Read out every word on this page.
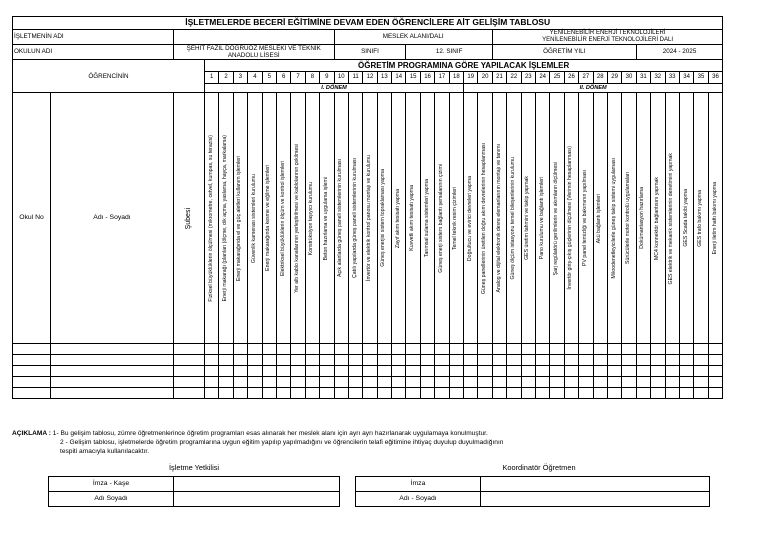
İŞLETMELERDE BECERİ EĞİTİMİNE DEVAM EDEN ÖĞRENCİLERE AİT GELİŞİM TABLOSU																																						
İŞLETMENİN ADI												MESLEK ALANI/DALI											YENİLENEBİLİR ENERJİ TEKNOLOJİLERİ
YENİLENEBİLİR ENERJİ TEKNOLOJİLERİ DALI															

OKULUN ADI		ŞEHİT FAZIL DOĞRUÖZ MESLEKİ VE TEKNİK ANADOLU LİSESİ										SINIFI					12. SINIF						ÖĞRETİM YILI										2024 - 2025					
ÖĞRENCİNİN			ÖĞRETİM PROGRAMINA GÖRE YAPILACAK İŞLEMLER																																			
			1	2	3	4	5	6	7	8	9	10	11	12	13	14	15	16	17	18	19	20	21	22	23	24	25	26	27	28	29	30	31	32	33	34	35	36
			I. DÖNEM																		II. DÖNEM																	
Okul No	Adı - Soyadı	Şubesi	Fiziksel büyüklüklerin ölçülmesi (mikrometre, cetvel, kumpas, su terazisi)	Enerji makarağı (planları (ölçme, dik açma, yaslama, hayça, markalama)	Enerji makarağında el ve güç aletleri kullanım işlemleri	Güvenlik kamerası sistemleri kurulumu	Enerji makarağında kesme ve eğilme işlemleri	Elektriksel büyüklüklerin ölçüm ve kontrol işlemleri	Yer altı kablo kanallarının yerleştirilmesi ve kablolarının çekilmesi	Konstrüksiyon taşıyıcı kurulumu	Beton hazırlama ve uygulama işlemi	Açık alanlarda güneş paneli sistemlerinin kurulması	Çatılı yapılarda güneş paneli sistemlerinin kurulması	İnvertör ve elektrik kontrol panosu montajı ve kurulumu	Güneş enerjisi sistem topraklaması yapma	Zayıf akım tesisatı yapma	Kuvvetli akım tesisatı yapma	Tarımsal sulama sistemleri yapma	Güneş enerji sistem bağlantı şemalarının çizimi	Temel teknik resim çizimleri	Doğrultucu ve evirici devreleri yapma	Güneş panellerinin üretilen doğru akım devrelerinin hesaplanması	Analog ve dijital elektronik devre elemanlarının montajı ve tanımı	Güneş ölçüm istasyonu temel bileşenlerinin kurulumu	GES üretim tahmini ve takip yapmak	Pano kurulumu ve bağlantı işlemleri	Şarj regülatörü gerilimlerin ve akımların ölçülmesi	İnvertör giriş-çıkış güçlerinin ölçülmesi (Verimin hesaplanması)	PV panel temizliği ve bakımının yapılması	Akü bağlantı işlemleri	Mikrodenetleyicilerle güneş takip sistemi uygulaması	Sürücülerle motor kontrolü uygulamaları	Dokümantasyon hazırlama	MC4 konnektör bağlantısını yapmak	GES elektrik ve mekanik sistemlerinin denetimini yapmak	GES Scada takibi yapma	GES trafo bakımı yapma	Enerji iletim hattı bakımı yapma

AÇIKLAMA : 1- Bu gelişim tablosu, zümre öğretmenlerince öğretim programları esas alınarak her meslek alanı için ayrı ayrı hazırlanarak uygulamaya konulmuştur.
2 - Gelişim tablosu, işletmelerde öğretim programlarına uygun eğitim yapılıp yapılmadığını ve öğrencilerin telafi eğitimine ihtiyaç duyulup duyulmadığının
tespiti amacıyla kullanılacaktır.
İşletme Yetkilisi	Koordinatör Öğretmen
İmza - Kaşe	
Adı Soyadı	
İmza	
Adı - Soyadı	
